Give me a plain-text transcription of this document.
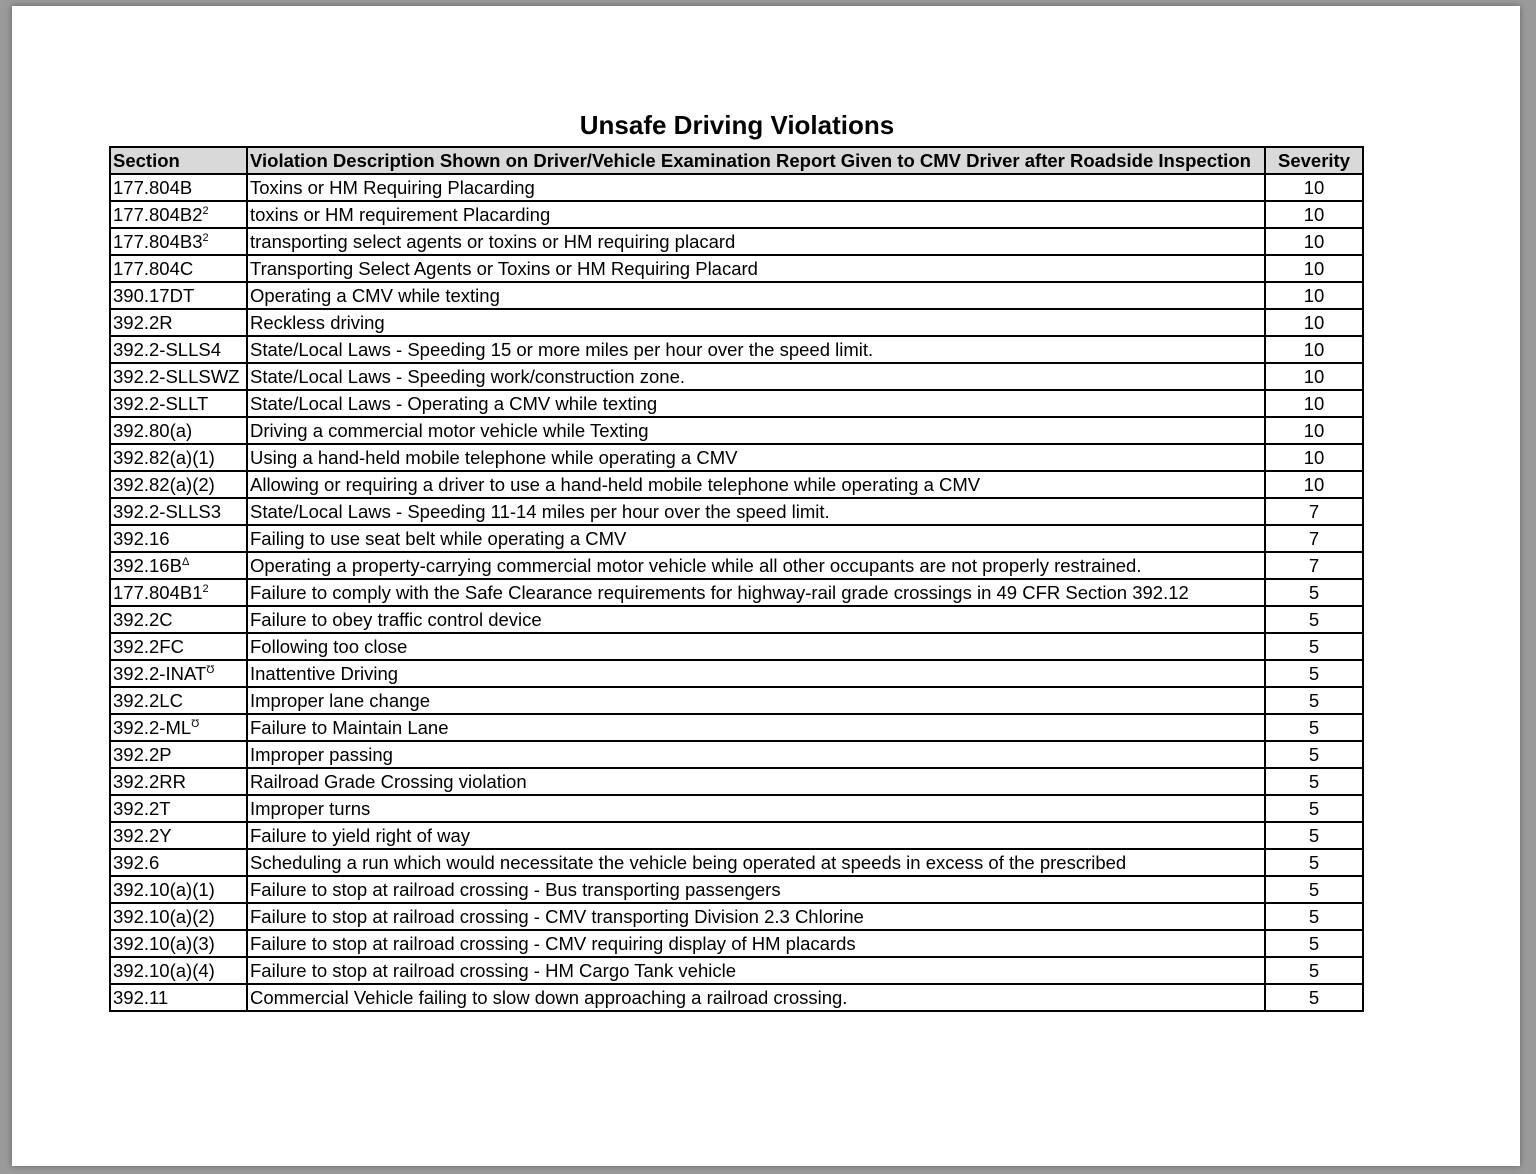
Unsafe Driving Violations
Section	Violation Description Shown on Driver/Vehicle Examination Report Given to CMV Driver after Roadside Inspection	Severity
177.804B	Toxins or HM Requiring Placarding	10
$177.804B2^2$	toxins or HM requirement Placarding	10
$177.804B3^2$	transporting select agents or toxins or HM requiring placard	10
177.804C	Transporting Select Agents or Toxins or HM Requiring Placard	10
390.17DT	Operating a CMV while texting	10
392.2R	Reckless driving	10
392.2-SLLS4	State/Local Laws - Speeding 15 or more miles per hour over the speed limit.	10
392.2-SLLSWZ	State/Local Laws - Speeding work/construction zone.	10
392.2-SLLT	State/Local Laws - Operating a CMV while texting	10
392.80(a)	Driving a commercial motor vehicle while Texting	10
392.82(a)(1)	Using a hand-held mobile telephone while operating a CMV	10
392.82(a)(2)	Allowing or requiring a driver to use a hand-held mobile telephone while operating a CMV	10
392.2-SLLS3	State/Local Laws - Speeding 11-14 miles per hour over the speed limit.	7
392.16	Failing to use seat belt while operating a CMV	7
$392.16B^\Delta$	Operating a property-carrying commercial motor vehicle while all other occupants are not properly restrained.	7
$177.804B1^2$	Failure to comply with the Safe Clearance requirements for highway-rail grade crossings in 49 CFR Section 392.12	5
392.2C	Failure to obey traffic control device	5
392.2FC	Following too close	5
$392.2-INAT^Ʊ$	Inattentive Driving	5
392.2LC	Improper lane change	5
$392.2-ML^Ʊ$	Failure to Maintain Lane	5
392.2P	Improper passing	5
392.2RR	Railroad Grade Crossing violation	5
392.2T	Improper turns	5
392.2Y	Failure to yield right of way	5
392.6	Scheduling a run which would necessitate the vehicle being operated at speeds in excess of the prescribed	5
392.10(a)(1)	Failure to stop at railroad crossing - Bus transporting passengers	5
392.10(a)(2)	Failure to stop at railroad crossing - CMV transporting Division 2.3 Chlorine	5
392.10(a)(3)	Failure to stop at railroad crossing - CMV requiring display of HM placards	5
392.10(a)(4)	Failure to stop at railroad crossing - HM Cargo Tank vehicle	5
392.11	Commercial Vehicle failing to slow down approaching a railroad crossing.	5
